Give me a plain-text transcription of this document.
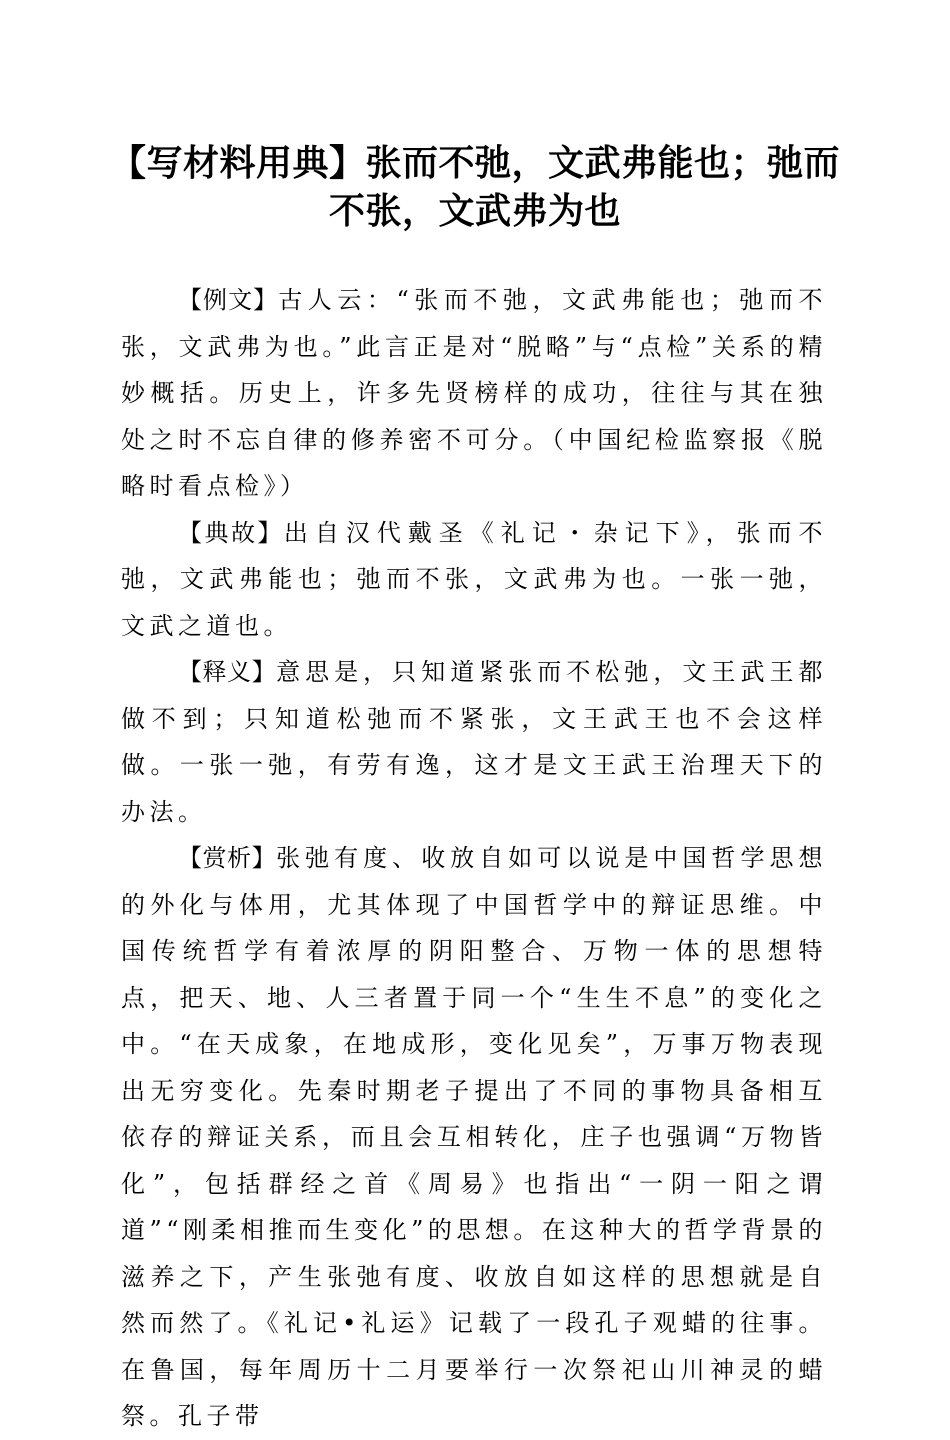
【写材料用典】张而不弛，文武弗能也；弛而
不张，文武弗为也

【例文】古人云：“张而不弛，文武弗能也；弛而不张，文武弗为也。”此言正是对“脱略”与“点检”关系的精妙概括。历史上，许多先贤榜样的成功，往往与其在独处之时不忘自律的修养密不可分。（中国纪检监察报《脱略时看点检》）

【典故】出自汉代戴圣《礼记・杂记下》，张而不弛，文武弗能也；弛而不张，文武弗为也。一张一弛，文武之道也。

【释义】意思是，只知道紧张而不松弛，文王武王都做不到；只知道松弛而不紧张，文王武王也不会这样做。一张一弛，有劳有逸，这才是文王武王治理天下的办法。

【赏析】张弛有度、收放自如可以说是中国哲学思想的外化与体用，尤其体现了中国哲学中的辩证思维。中国传统哲学有着浓厚的阴阳整合、万物一体的思想特点，把天、地、人三者置于同一个“生生不息”的变化之中。“在天成象，在地成形，变化见矣”，万事万物表现出无穷变化。先秦时期老子提出了不同的事物具备相互依存的辩证关系，而且会互相转化，庄子也强调“万物皆化”，包括群经之首《周易》也指出“一阴一阳之谓道”“刚柔相推而生变化”的思想。在这种大的哲学背景的滋养之下，产生张弛有度、收放自如这样的思想就是自然而然了。《礼记•礼运》记载了一段孔子观蜡的往事。在鲁国，每年周历十二月要举行一次祭祀山川神灵的蜡祭。孔子带
